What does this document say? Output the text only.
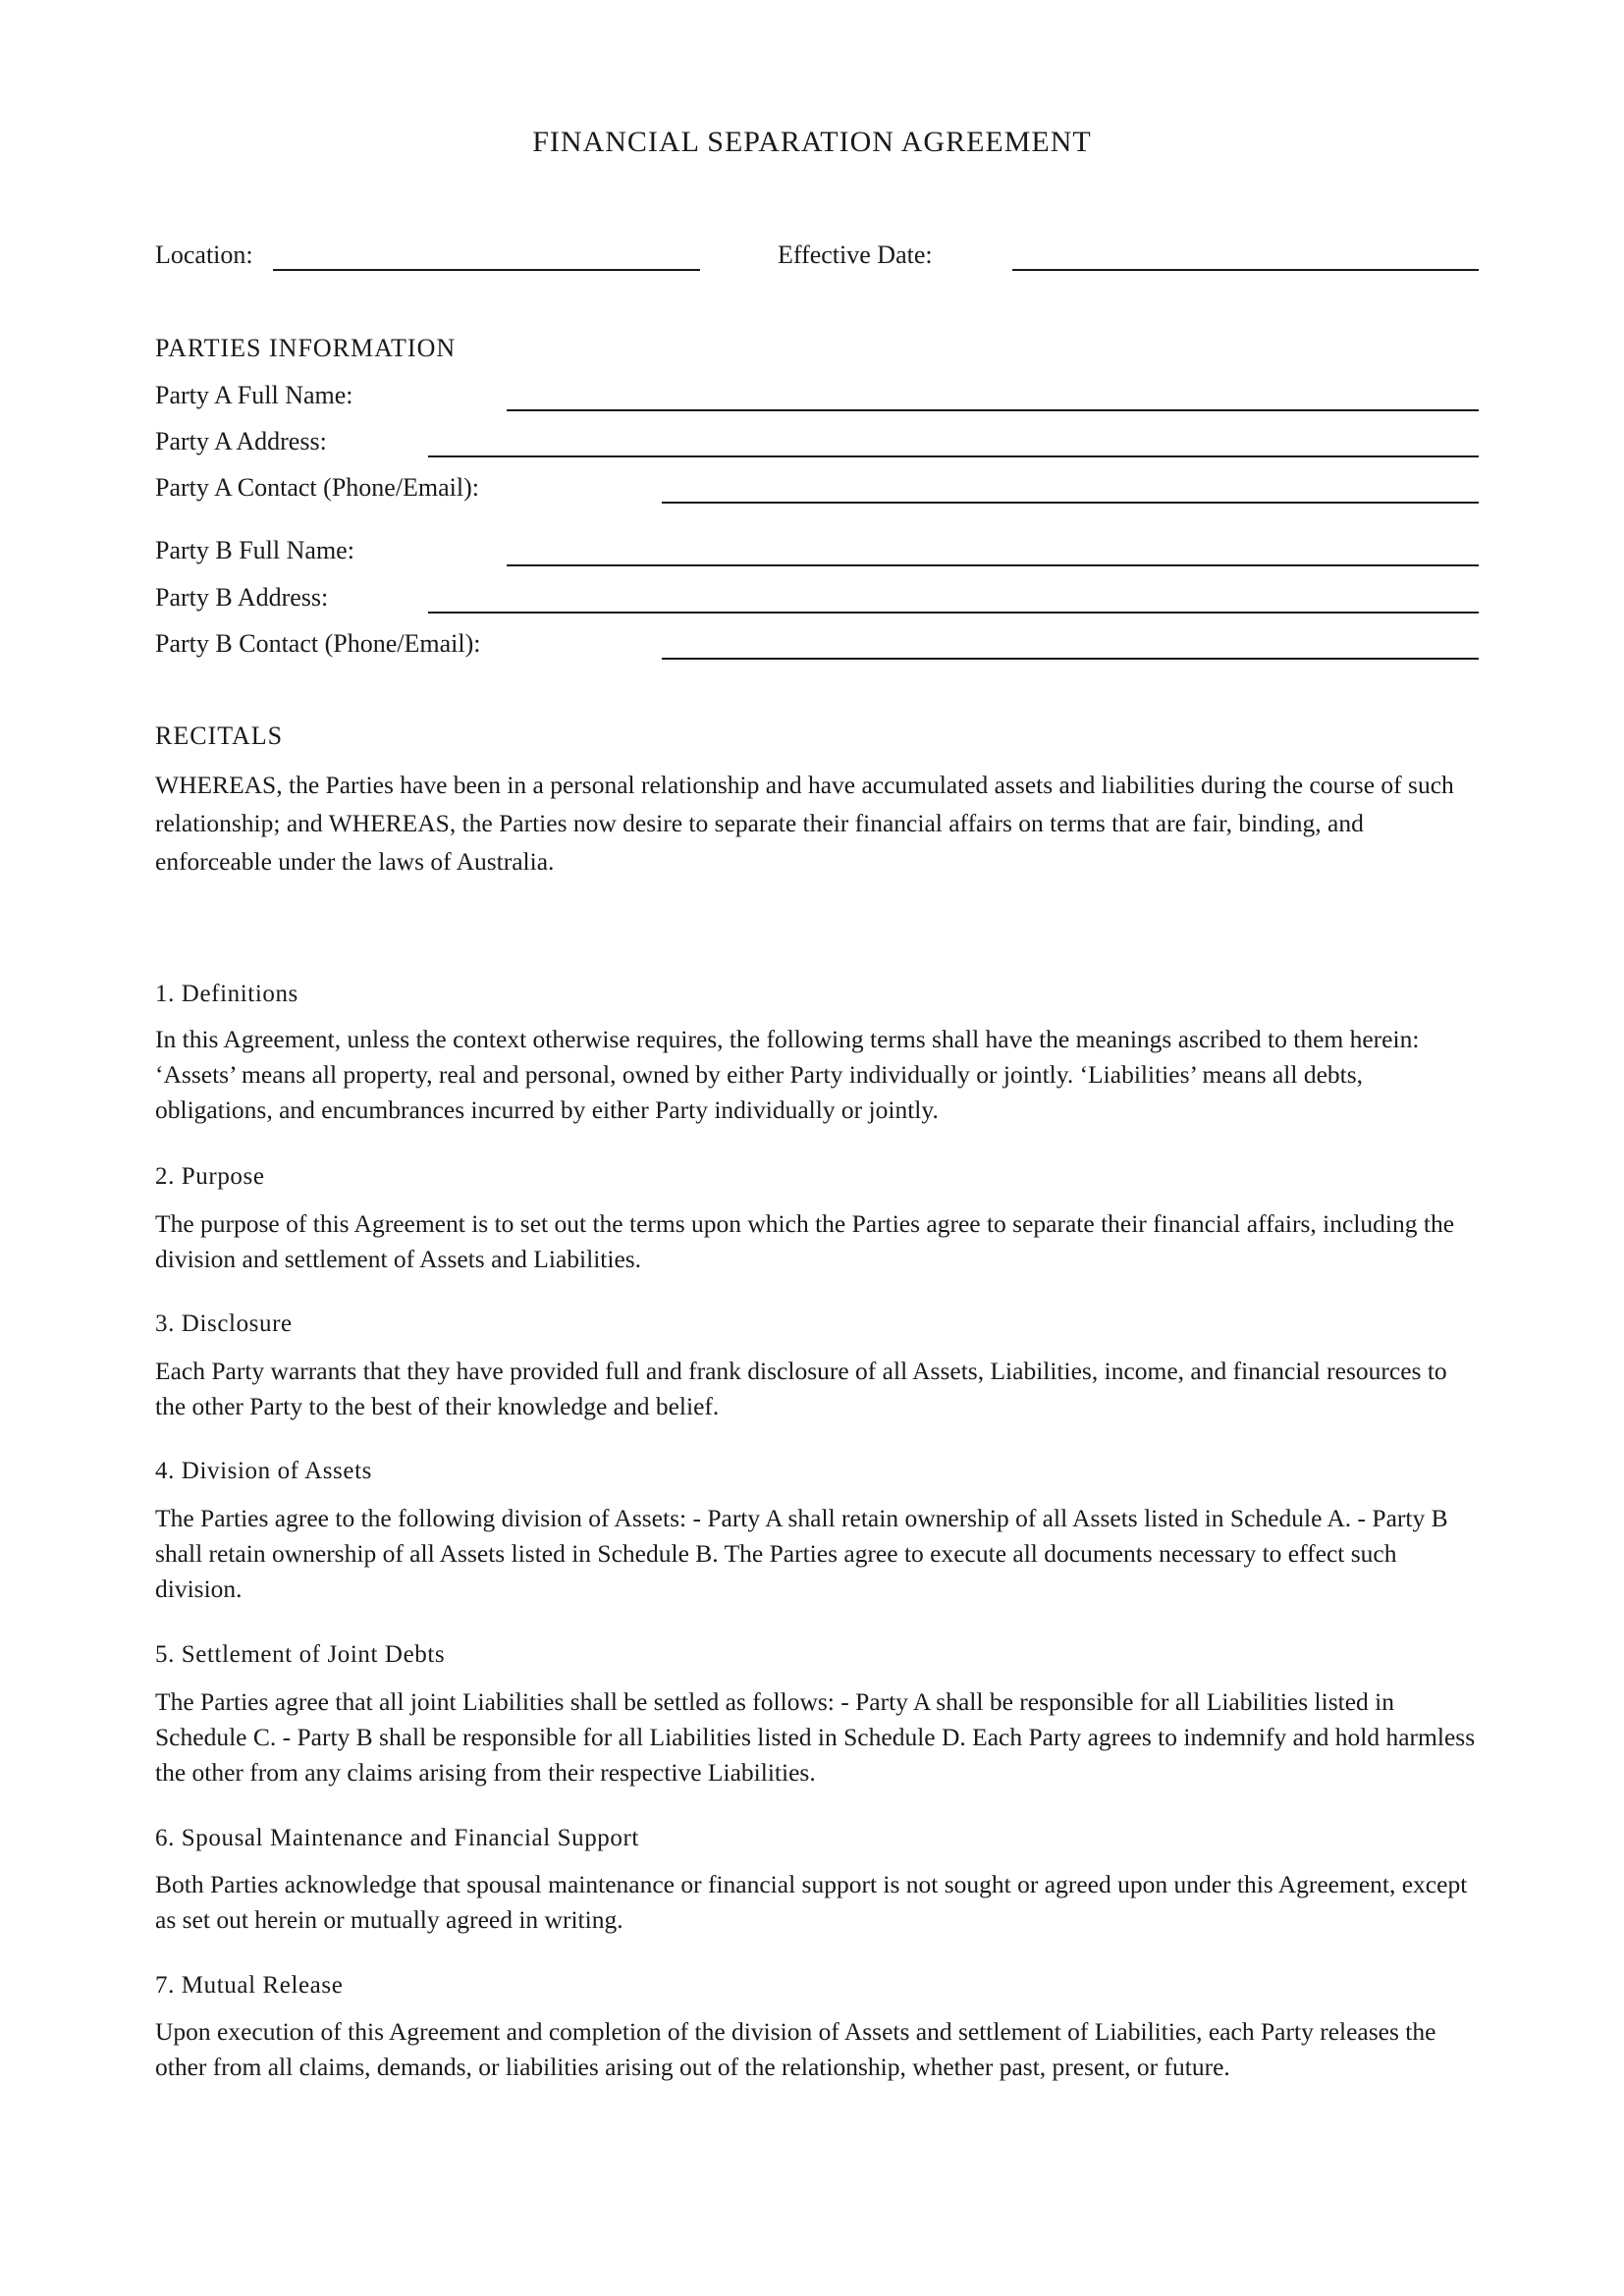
FINANCIAL SEPARATION AGREEMENT
Location:	Effective Date:
PARTIES INFORMATION
Party A Full Name:
Party A Address:
Party A Contact (Phone/Email):
Party B Full Name:
Party B Address:
Party B Contact (Phone/Email):
RECITALS

WHEREAS, the Parties have been in a personal relationship and have accumulated assets and liabilities during the course of such relationship; and WHEREAS, the Parties now desire to separate their financial affairs on terms that are fair, binding, and enforceable under the laws of Australia.

1. Definitions

In this Agreement, unless the context otherwise requires, the following terms shall have the meanings ascribed to them herein: ‘Assets’ means all property, real and personal, owned by either Party individually or jointly. ‘Liabilities’ means all debts, obligations, and encumbrances incurred by either Party individually or jointly.

2. Purpose

The purpose of this Agreement is to set out the terms upon which the Parties agree to separate their financial affairs, including the division and settlement of Assets and Liabilities.

3. Disclosure

Each Party warrants that they have provided full and frank disclosure of all Assets, Liabilities, income, and financial resources to the other Party to the best of their knowledge and belief.

4. Division of Assets

The Parties agree to the following division of Assets: - Party A shall retain ownership of all Assets listed in Schedule A. - Party B shall retain ownership of all Assets listed in Schedule B. The Parties agree to execute all documents necessary to effect such division.

5. Settlement of Joint Debts

The Parties agree that all joint Liabilities shall be settled as follows: - Party A shall be responsible for all Liabilities listed in Schedule C. - Party B shall be responsible for all Liabilities listed in Schedule D. Each Party agrees to indemnify and hold harmless the other from any claims arising from their respective Liabilities.

6. Spousal Maintenance and Financial Support

Both Parties acknowledge that spousal maintenance or financial support is not sought or agreed upon under this Agreement, except as set out herein or mutually agreed in writing.

7. Mutual Release

Upon execution of this Agreement and completion of the division of Assets and settlement of Liabilities, each Party releases the other from all claims, demands, or liabilities arising out of the relationship, whether past, present, or future.
